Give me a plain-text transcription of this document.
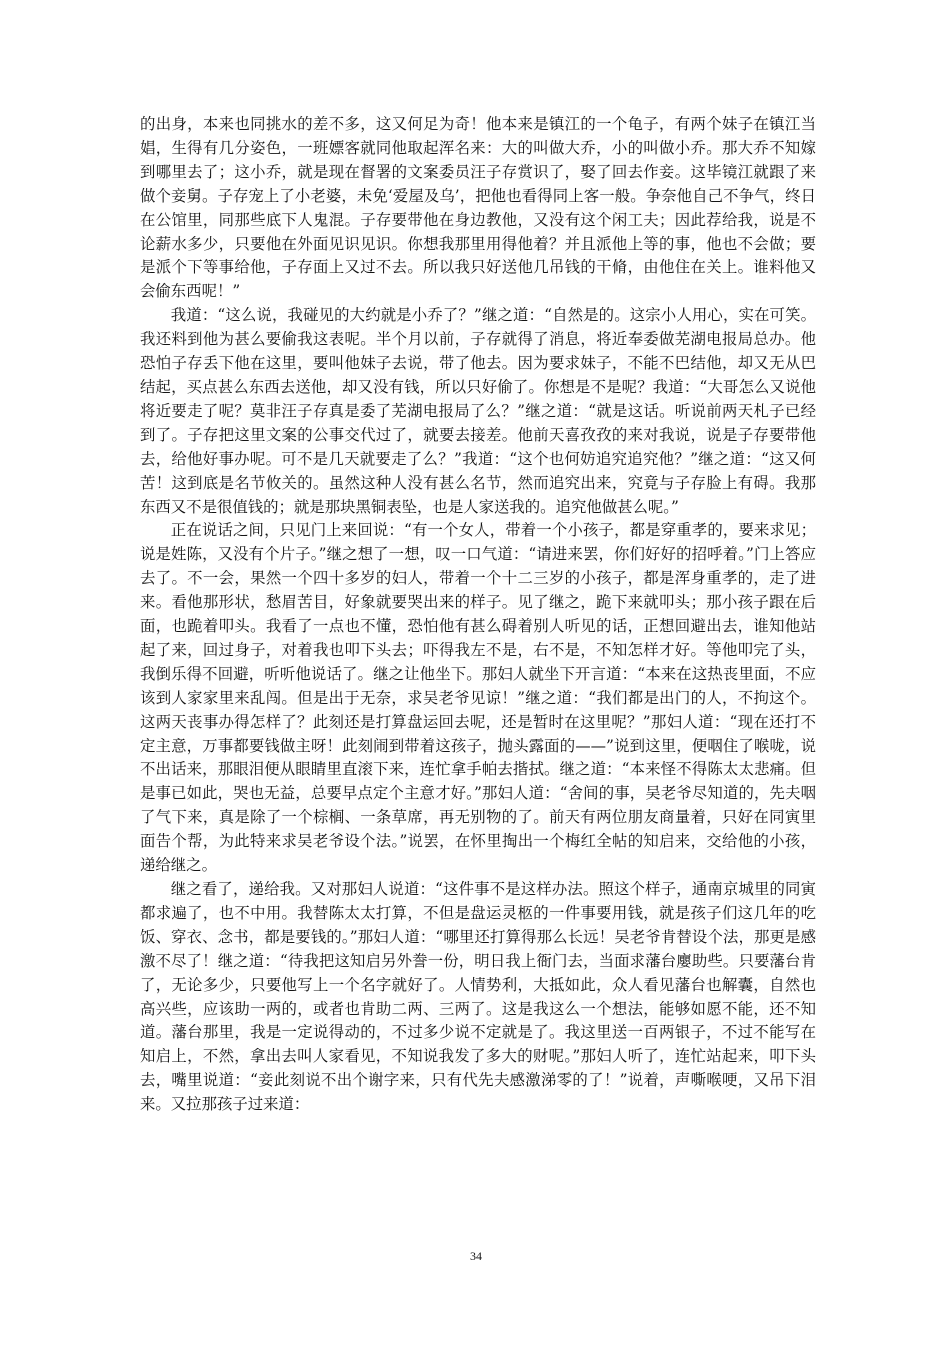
的出身，本来也同挑水的差不多，这又何足为奇！他本来是镇江的一个龟子，有两个妹子在镇江当娼，生得有几分姿色，一班嫖客就同他取起浑名来：大的叫做大乔，小的叫做小乔。那大乔不知嫁到哪里去了；这小乔，就是现在督署的文案委员汪子存赏识了，娶了回去作妾。这毕镜江就跟了来做个妾舅。子存宠上了小老婆，未免‘爱屋及乌’，把他也看得同上客一般。争奈他自己不争气，终日在公馆里，同那些底下人鬼混。子存要带他在身边教他，又没有这个闲工夫；因此荐给我，说是不论薪水多少，只要他在外面见识见识。你想我那里用得他着？并且派他上等的事，他也不会做；要是派个下等事给他，子存面上又过不去。所以我只好送他几吊钱的干脩，由他住在关上。谁料他又会偷东西呢！”

我道：“这么说，我碰见的大约就是小乔了？”继之道：“自然是的。这宗小人用心，实在可笑。我还料到他为甚么要偷我这表呢。半个月以前，子存就得了消息，将近奉委做芜湖电报局总办。他恐怕子存丢下他在这里，要叫他妹子去说，带了他去。因为要求妹子，不能不巴结他，却又无从巴结起，买点甚么东西去送他，却又没有钱，所以只好偷了。你想是不是呢？我道：“大哥怎么又说他将近要走了呢？莫非汪子存真是委了芜湖电报局了么？”继之道：“就是这话。听说前两天札子已经到了。子存把这里文案的公事交代过了，就要去接差。他前天喜孜孜的来对我说，说是子存要带他去，给他好事办呢。可不是几天就要走了么？”我道：“这个也何妨追究追究他？”继之道：“这又何苦！这到底是名节攸关的。虽然这种人没有甚么名节，然而追究出来，究竟与子存脸上有碍。我那东西又不是很值钱的；就是那块黑铜表坠，也是人家送我的。追究他做甚么呢。”

正在说话之间，只见门上来回说：“有一个女人，带着一个小孩子，都是穿重孝的，要来求见；说是姓陈，又没有个片子。”继之想了一想，叹一口气道：“请进来罢，你们好好的招呼着。”门上答应去了。不一会，果然一个四十多岁的妇人，带着一个十二三岁的小孩子，都是浑身重孝的，走了进来。看他那形状，愁眉苦目，好象就要哭出来的样子。见了继之，跪下来就叩头；那小孩子跟在后面，也跪着叩头。我看了一点也不懂，恐怕他有甚么碍着别人听见的话，正想回避出去，谁知他站起了来，回过身子，对着我也叩下头去；吓得我左不是，右不是，不知怎样才好。等他叩完了头，我倒乐得不回避，听听他说话了。继之让他坐下。那妇人就坐下开言道：“本来在这热丧里面，不应该到人家家里来乱闯。但是出于无奈，求吴老爷见谅！”继之道：“我们都是出门的人，不拘这个。这两天丧事办得怎样了？此刻还是打算盘运回去呢，还是暂时在这里呢？”那妇人道：“现在还打不定主意，万事都要钱做主呀！此刻闹到带着这孩子，抛头露面的——”说到这里，便咽住了喉咙，说不出话来，那眼泪便从眼睛里直滚下来，连忙拿手帕去揩拭。继之道：“本来怪不得陈太太悲痛。但是事已如此，哭也无益，总要早点定个主意才好。”那妇人道：“舍间的事，吴老爷尽知道的，先夫咽了气下来，真是除了一个棕榈、一条草席，再无别物的了。前天有两位朋友商量着，只好在同寅里面告个帮，为此特来求吴老爷设个法。”说罢，在怀里掏出一个梅红全帖的知启来，交给他的小孩，递给继之。

继之看了，递给我。又对那妇人说道：“这件事不是这样办法。照这个样子，通南京城里的同寅都求遍了，也不中用。我替陈太太打算，不但是盘运灵柩的一件事要用钱，就是孩子们这几年的吃饭、穿衣、念书，都是要钱的。”那妇人道：“哪里还打算得那么长远！吴老爷肯替设个法，那更是感激不尽了！继之道：“待我把这知启另外誊一份，明日我上衙门去，当面求藩台廮助些。只要藩台肯了，无论多少，只要他写上一个名字就好了。人情势利，大抵如此，众人看见藩台也解囊，自然也高兴些，应该助一两的，或者也肯助二两、三两了。这是我这么一个想法，能够如愿不能，还不知道。藩台那里，我是一定说得动的，不过多少说不定就是了。我这里送一百两银子，不过不能写在知启上，不然，拿出去叫人家看见，不知说我发了多大的财呢。”那妇人听了，连忙站起来，叩下头去，嘴里说道：“妾此刻说不出个谢字来，只有代先夫感激涕零的了！”说着，声嘶喉哽，又吊下泪来。又拉那孩子过来道：

34
